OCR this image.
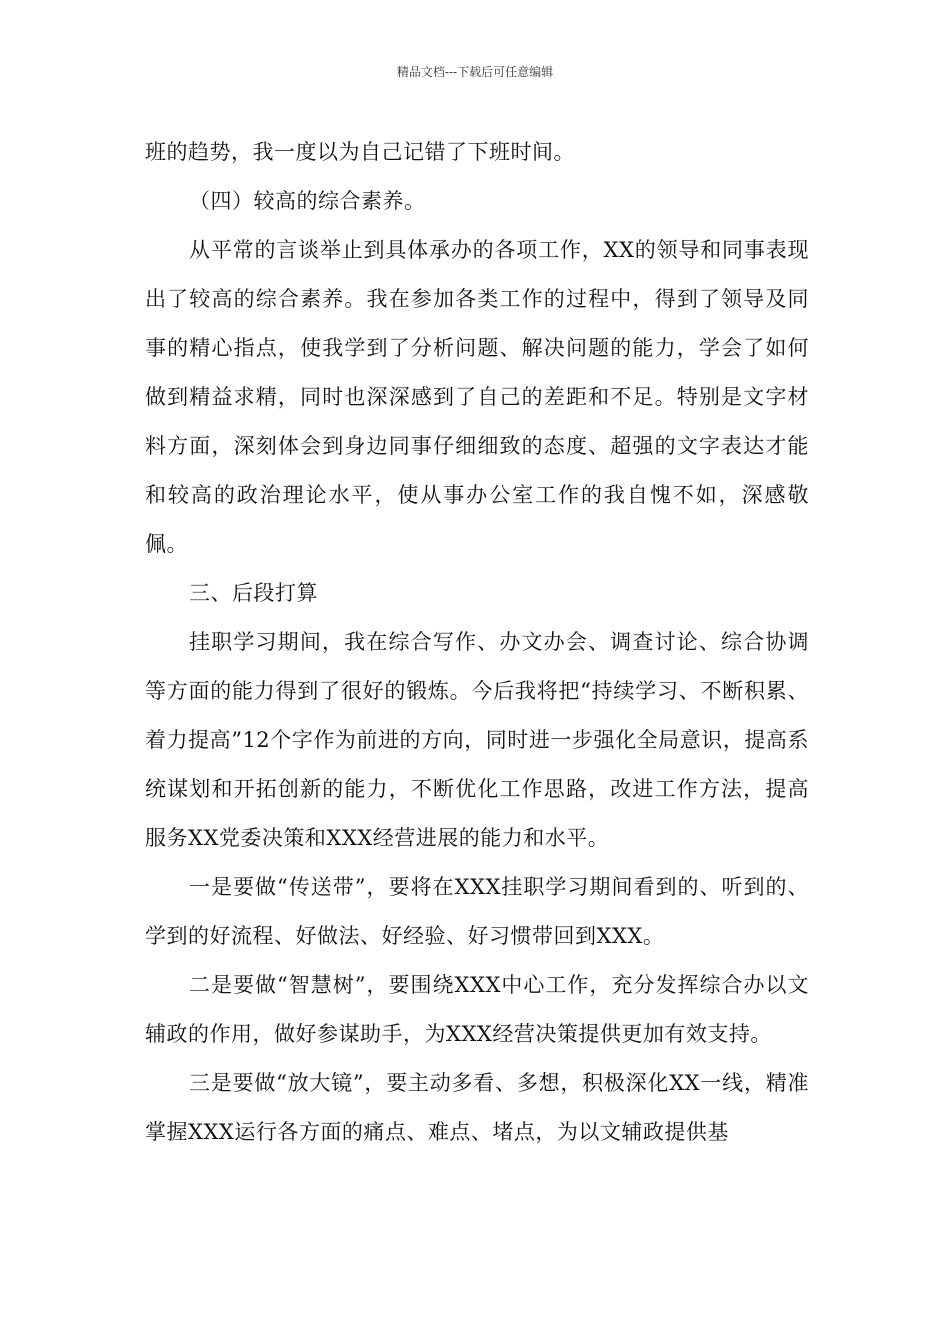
精品文档---下载后可任意编辑

班的趋势，我一度以为自己记错了下班时间。

（四）较高的综合素养。

从平常的言谈举止到具体承办的各项工作，XX的领导和同事表现出了较高的综合素养。我在参加各类工作的过程中，得到了领导及同事的精心指点，使我学到了分析问题、解决问题的能力，学会了如何做到精益求精，同时也深深感到了自己的差距和不足。特别是文字材料方面，深刻体会到身边同事仔细细致的态度、超强的文字表达才能和较高的政治理论水平，使从事办公室工作的我自愧不如，深感敬佩。

三、后段打算

挂职学习期间，我在综合写作、办文办会、调查讨论、综合协调等方面的能力得到了很好的锻炼。今后我将把“持续学习、不断积累、着力提高”12个字作为前进的方向，同时进一步强化全局意识，提高系统谋划和开拓创新的能力，不断优化工作思路，改进工作方法，提高服务XX党委决策和XXX经营进展的能力和水平。

一是要做“传送带”，要将在XXX挂职学习期间看到的、听到的、学到的好流程、好做法、好经验、好习惯带回到XXX。

二是要做“智慧树”，要围绕XXX中心工作，充分发挥综合办以文辅政的作用，做好参谋助手，为XXX经营决策提供更加有效支持。

三是要做“放大镜”，要主动多看、多想，积极深化XX一线，精准掌握XXX运行各方面的痛点、难点、堵点，为以文辅政提供基
